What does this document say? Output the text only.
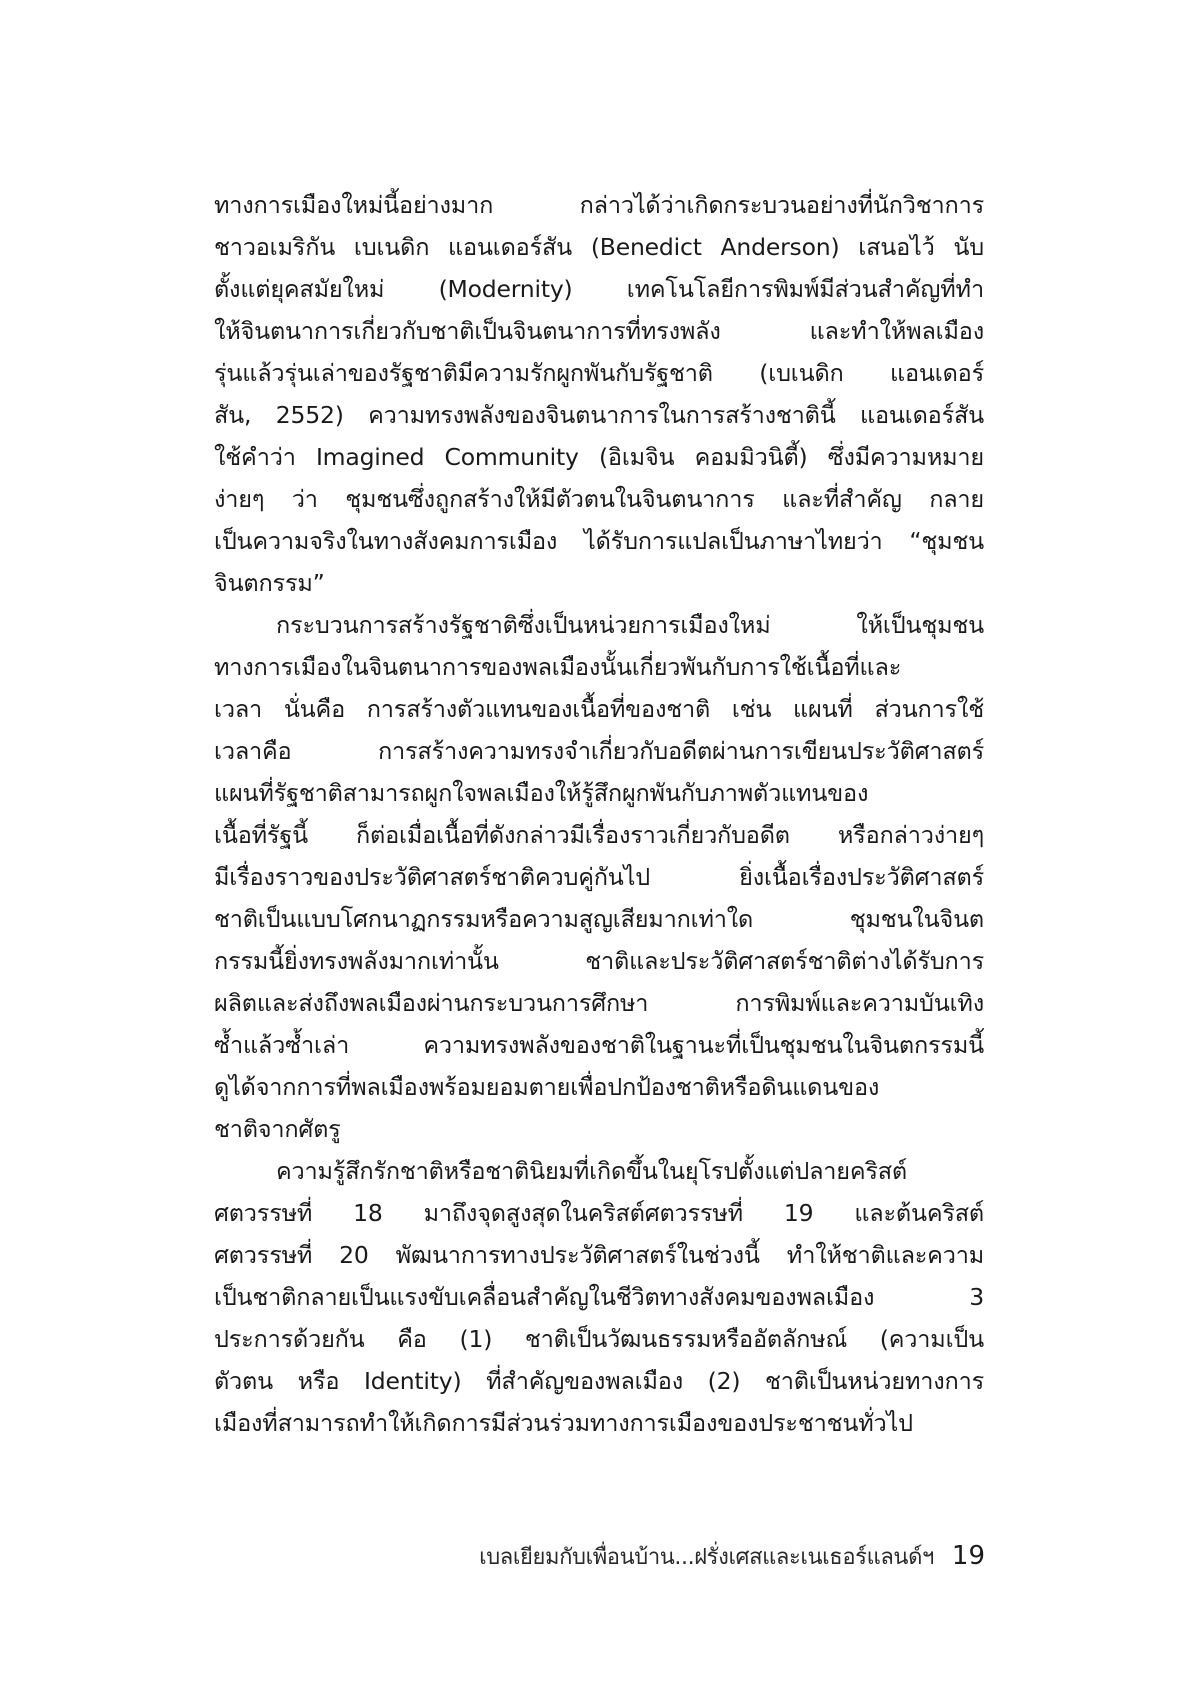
ทางการเมืองใหม่นี้อย่างมาก กล่าวได้ว่าเกิดกระบวนอย่างที่นักวิชาการ
ชาวอเมริกัน เบเนดิก แอนเดอร์สัน (Benedict Anderson) เสนอไว้ นับ
ตั้งแต่ยุคสมัยใหม่ (Modernity) เทคโนโลยีการพิมพ์มีส่วนสำคัญที่ทำ
ให้จินตนาการเกี่ยวกับชาติเป็นจินตนาการที่ทรงพลัง และทำให้พลเมือง
รุ่นแล้วรุ่นเล่าของรัฐชาติมีความรักผูกพันกับรัฐชาติ (เบเนดิก แอนเดอร์
สัน, 2552) ความทรงพลังของจินตนาการในการสร้างชาตินี้ แอนเดอร์สัน
ใช้คำว่า Imagined Community (อิเมจิน คอมมิวนิตี้) ซึ่งมีความหมาย
ง่ายๆ ว่า ชุมชนซึ่งถูกสร้างให้มีตัวตนในจินตนาการ และที่สำคัญ กลาย
เป็นความจริงในทางสังคมการเมือง ได้รับการแปลเป็นภาษาไทยว่า “ชุมชน
จินตกรรม”
กระบวนการสร้างรัฐชาติซึ่งเป็นหน่วยการเมืองใหม่ ให้เป็นชุมชน
ทางการเมืองในจินตนาการของพลเมืองนั้นเกี่ยวพันกับการใช้เนื้อที่และ
เวลา นั่นคือ การสร้างตัวแทนของเนื้อที่ของชาติ เช่น แผนที่ ส่วนการใช้
เวลาคือ การสร้างความทรงจำเกี่ยวกับอดีตผ่านการเขียนประวัติศาสตร์
แผนที่รัฐชาติสามารถผูกใจพลเมืองให้รู้สึกผูกพันกับภาพตัวแทนของ
เนื้อที่รัฐนี้ ก็ต่อเมื่อเนื้อที่ดังกล่าวมีเรื่องราวเกี่ยวกับอดีต หรือกล่าวง่ายๆ
มีเรื่องราวของประวัติศาสตร์ชาติควบคู่กันไป ยิ่งเนื้อเรื่องประวัติศาสตร์
ชาติเป็นแบบโศกนาฏกรรมหรือความสูญเสียมากเท่าใด ชุมชนในจินต
กรรมนี้ยิ่งทรงพลังมากเท่านั้น ชาติและประวัติศาสตร์ชาติต่างได้รับการ
ผลิตและส่งถึงพลเมืองผ่านกระบวนการศึกษา การพิมพ์และความบันเทิง
ซ้ำแล้วซ้ำเล่า ความทรงพลังของชาติในฐานะที่เป็นชุมชนในจินตกรรมนี้
ดูได้จากการที่พลเมืองพร้อมยอมตายเพื่อปกป้องชาติหรือดินแดนของ
ชาติจากศัตรู
ความรู้สึกรักชาติหรือชาตินิยมที่เกิดขึ้นในยุโรปตั้งแต่ปลายคริสต์
ศตวรรษที่ 18 มาถึงจุดสูงสุดในคริสต์ศตวรรษที่ 19 และต้นคริสต์
ศตวรรษที่ 20 พัฒนาการทางประวัติศาสตร์ในช่วงนี้ ทำให้ชาติและความ
เป็นชาติกลายเป็นแรงขับเคลื่อนสำคัญในชีวิตทางสังคมของพลเมือง 3
ประการด้วยกัน คือ (1) ชาติเป็นวัฒนธรรมหรืออัตลักษณ์ (ความเป็น
ตัวตน หรือ Identity) ที่สำคัญของพลเมือง (2) ชาติเป็นหน่วยทางการ
เมืองที่สามารถทำให้เกิดการมีส่วนร่วมทางการเมืองของประชาชนทั่วไป
เบลเยียมกับเพื่อนบ้าน...ฝรั่งเศสและเนเธอร์แลนด์ฯ 19
